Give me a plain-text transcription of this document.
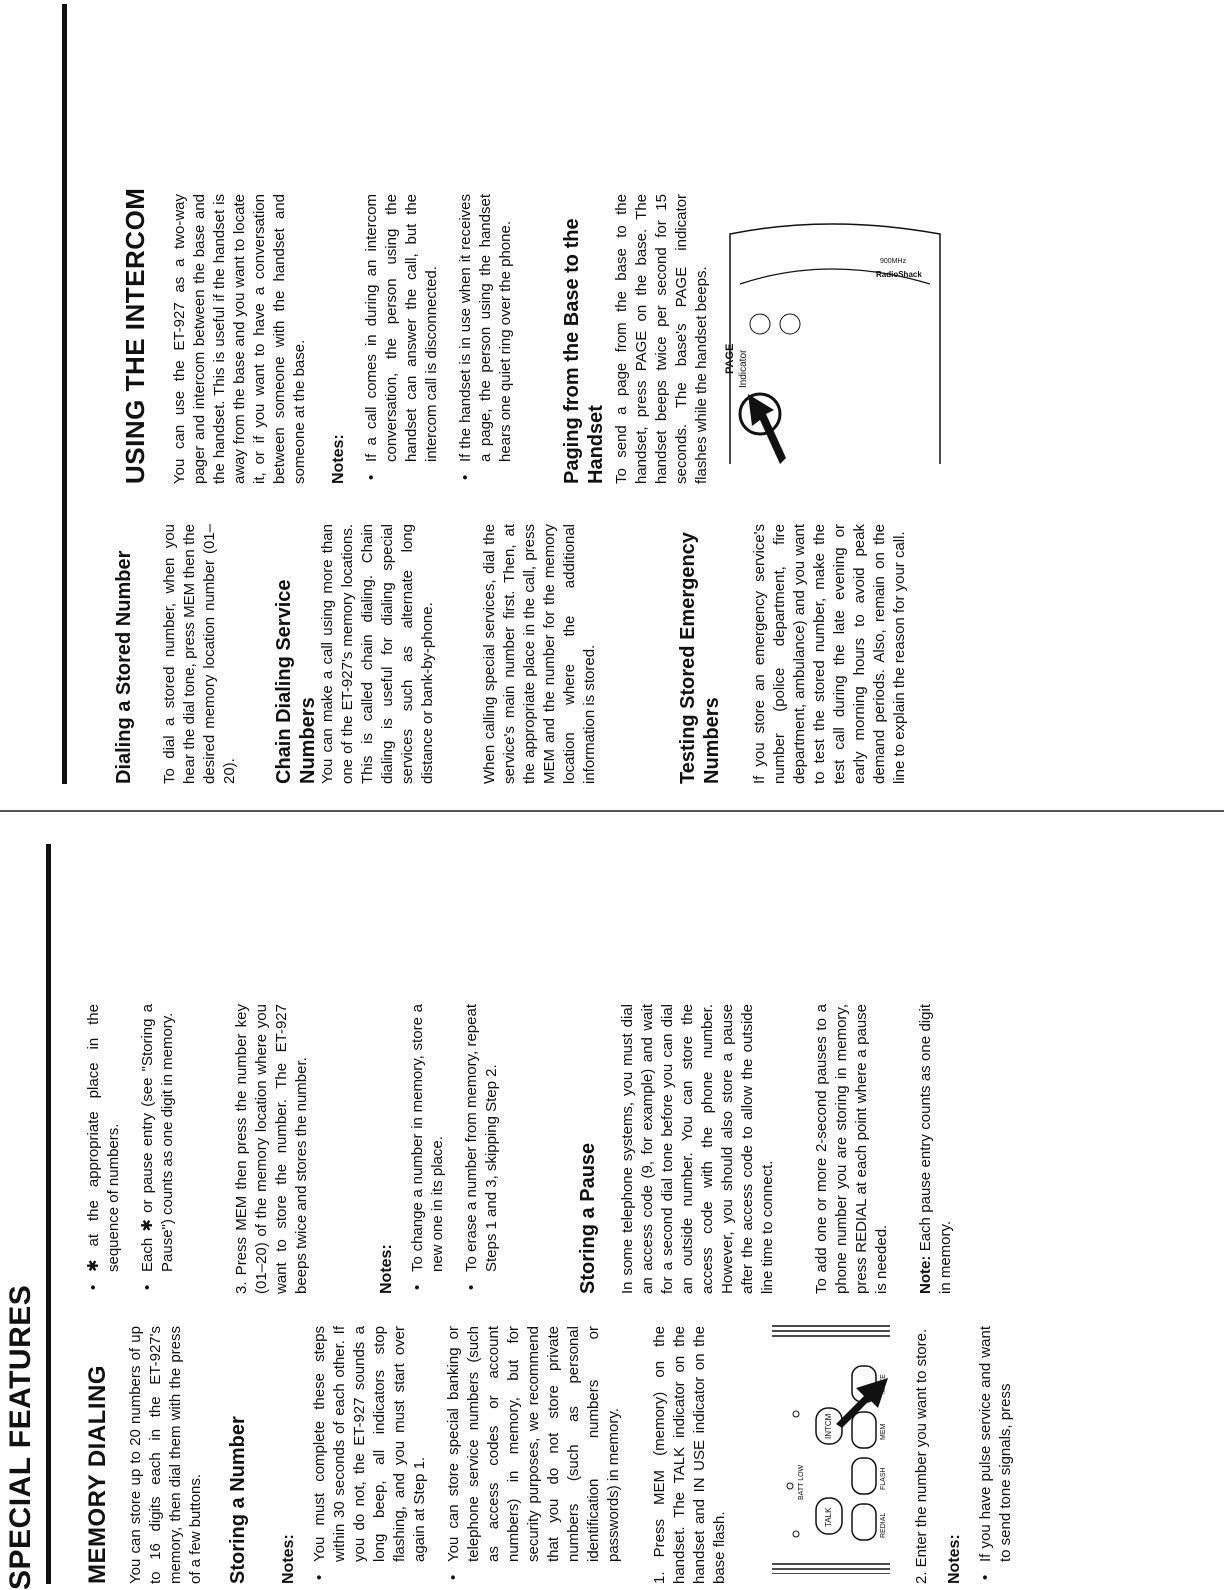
SPECIAL FEATURES MEMORY DIALING You can store up to 20 numbers of up to 16 digits each in the ET-927's memory, then dial them with the press of a few buttons. Storing a Number Notes: • You must complete these steps within 30 seconds of each other. If you do not, the ET-927 sounds a long beep, all indicators stop flashing, and you must start over again at Step 1. • You can store special banking or telephone service numbers (such as access codes or account numbers) in memory, but for security purposes, we recommend that you do not store private numbers (such as personal identification numbers or passwords) in memory. 1. Press MEM (memory) on the handset. The TALK indicator on the handset and IN USE indicator on the base flash.
BATT LOW
TALK
INTCM
REDIAL
FLASH
MEM
MUTE 2. Enter the number you want to store. Notes: • If you have pulse service and want to send tone signals, press
• ✱ at the appropriate place in the sequence of numbers. • Each ✱ or pause entry (see "Storing a Pause") counts as one digit in memory.	3. Press MEM then press the number key (01–20) of the memory location where you want to store the number. The ET-927 beeps twice and stores the number.	Notes: • To change a number in memory, store a new one in its place. • To erase a number from memory, repeat Steps 1 and 3, skipping Step 2.	Storing a Pause In some telephone systems, you must dial an access code (9, for example) and wait for a second dial tone before you can dial an outside number. You can store the access code with the phone number. However, you should also store a pause after the access code to allow the outside line time to connect. To add one or more 2-second pauses to a phone number you are storing in memory, press REDIAL at each point where a pause is needed. Note: Each pause entry counts as one digit in memory.
Dialing a Stored Number To dial a stored number, when you hear the dial tone, press MEM then the desired memory location number (01–20). Chain Dialing Service Numbers You can make a call using more than one of the ET-927's memory locations. This is called chain dialing. Chain dialing is useful for dialing special services such as alternate long distance or bank-by-phone.	When calling special services, dial the service's main number first. Then, at the appropriate place in the call, press MEM and the number for the memory location where the additional information is stored.	Testing Stored Emergency Numbers If you store an emergency service's number (police department, fire department, ambulance) and you want to test the stored number, make the test call during the late evening or early morning hours to avoid peak demand periods. Also, remain on the line to explain the reason for your call.
USING THE INTERCOM You can use the ET-927 as a two-way pager and intercom between the base and the handset. This is useful if the handset is away from the base and you want to locate it, or if you want to have a conversation between someone with the handset and someone at the base. Notes: • If a call comes in during an intercom conversation, the person using the handset can answer the call, but the intercom call is disconnected. • If the handset is in use when it receives a page, the person using the handset hears one quiet ring over the phone. Paging from the Base to the Handset To send a page from the base to the handset, press PAGE on the base. The handset beeps twice per second for 15 seconds. The base's PAGE indicator flashes while the handset beeps.	RadioShack
900MHz
PAGE Indicator
